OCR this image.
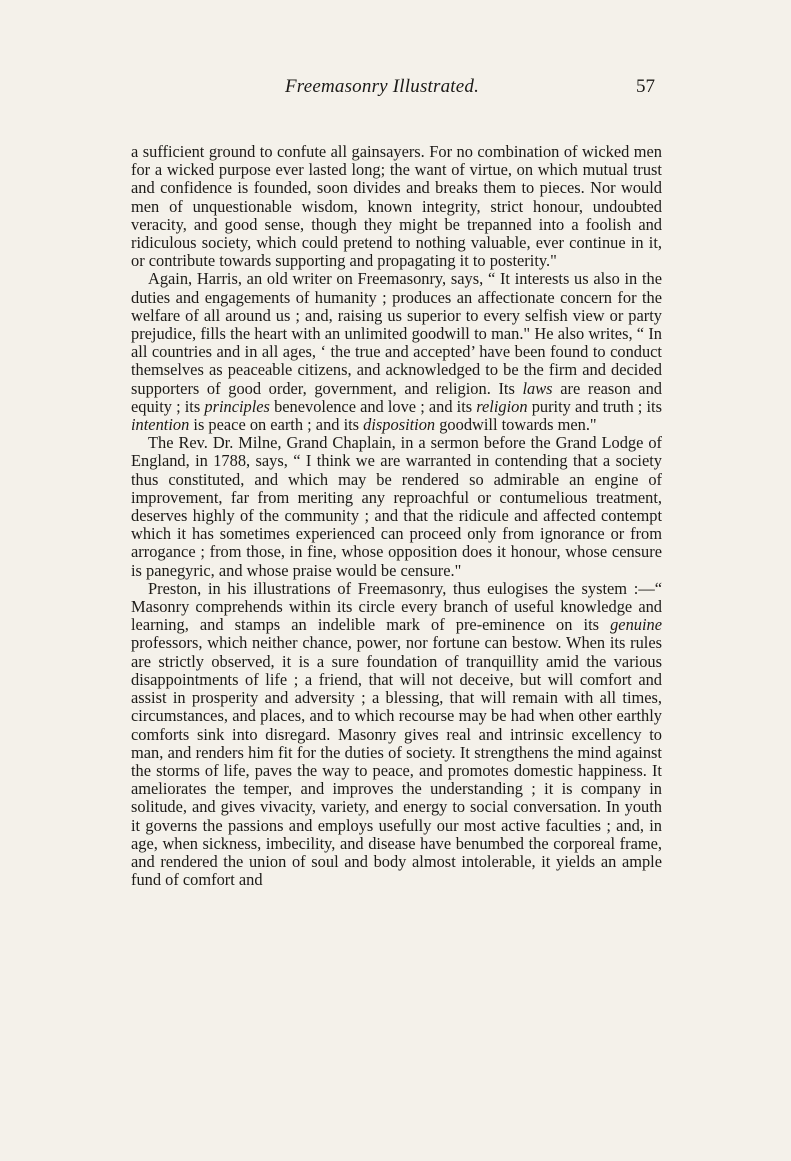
Freemasonry Illustrated.	57

a sufficient ground to confute all gainsayers. For no combination of wicked men for a wicked purpose ever lasted long; the want of virtue, on which mutual trust and confidence is founded, soon divides and breaks them to pieces. Nor would men of unquestionable wisdom, known integrity, strict honour, undoubted veracity, and good sense, though they might be trepanned into a foolish and ridiculous society, which could pretend to nothing valuable, ever continue in it, or contribute towards supporting and propagating it to posterity."

Again, Harris, an old writer on Freemasonry, says, “ It interests us also in the duties and engagements of humanity ; produces an affectionate concern for the welfare of all around us ; and, raising us superior to every selfish view or party prejudice, fills the heart with an unlimited goodwill to man." He also writes, “ In all countries and in all ages, ‘ the true and accepted’ have been found to conduct themselves as peaceable citizens, and acknowledged to be the firm and decided supporters of good order, government, and religion. Its laws are reason and equity ; its principles benevolence and love ; and its religion purity and truth ; its intention is peace on earth ; and its disposition goodwill towards men."

The Rev. Dr. Milne, Grand Chaplain, in a sermon before the Grand Lodge of England, in 1788, says, “ I think we are warranted in contending that a society thus constituted, and which may be rendered so admirable an engine of improvement, far from meriting any reproachful or contumelious treatment, deserves highly of the community ; and that the ridicule and affected contempt which it has sometimes experienced can proceed only from ignorance or from arrogance ; from those, in fine, whose opposition does it honour, whose censure is panegyric, and whose praise would be censure."

Preston, in his illustrations of Freemasonry, thus eulogises the system :—“ Masonry comprehends within its circle every branch of useful knowledge and learning, and stamps an indelible mark of pre-eminence on its genuine professors, which neither chance, power, nor fortune can bestow. When its rules are strictly observed, it is a sure foundation of tranquillity amid the various disappointments of life ; a friend, that will not deceive, but will comfort and assist in prosperity and adversity ; a blessing, that will remain with all times, circumstances, and places, and to which recourse may be had when other earthly comforts sink into disregard. Masonry gives real and intrinsic excellency to man, and renders him fit for the duties of society. It strengthens the mind against the storms of life, paves the way to peace, and promotes domestic happiness. It ameliorates the temper, and improves the understanding ; it is company in solitude, and gives vivacity, variety, and energy to social conversation. In youth it governs the passions and employs usefully our most active faculties ; and, in age, when sickness, imbecility, and disease have benumbed the corporeal frame, and rendered the union of soul and body almost intolerable, it yields an ample fund of comfort and
